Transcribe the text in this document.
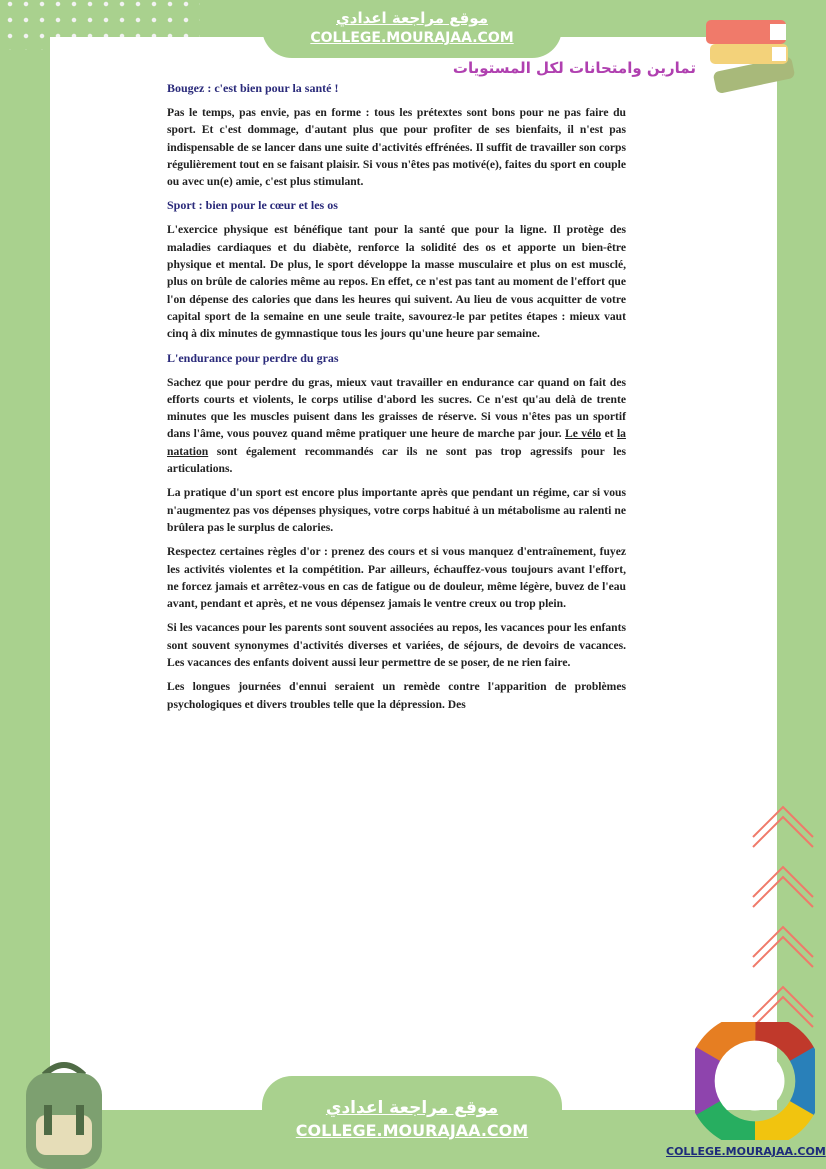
موقع مراجعة اعدادي
COLLEGE.MOURAJAA.COM
تمارين وامتحانات لكل المستويات
Bougez : c'est bien pour la santé !

Pas le temps, pas envie, pas en forme : tous les prétextes sont bons pour ne pas faire du sport. Et c'est dommage, d'autant plus que pour profiter de ses bienfaits, il n'est pas indispensable de se lancer dans une suite d'activités effrénées. Il suffit de travailler son corps régulièrement tout en se faisant plaisir. Si vous n'êtes pas motivé(e), faites du sport en couple ou avec un(e) amie, c'est plus stimulant.

Sport : bien pour le cœur et les os

L'exercice physique est bénéfique tant pour la santé que pour la ligne. Il protège des maladies cardiaques et du diabète, renforce la solidité des os et apporte un bien-être physique et mental. De plus, le sport développe la masse musculaire et plus on est musclé, plus on brûle de calories même au repos. En effet, ce n'est pas tant au moment de l'effort que l'on dépense des calories que dans les heures qui suivent. Au lieu de vous acquitter de votre capital sport de la semaine en une seule traite, savourez-le par petites étapes : mieux vaut cinq à dix minutes de gymnastique tous les jours qu'une heure par semaine.

L'endurance pour perdre du gras

Sachez que pour perdre du gras, mieux vaut travailler en endurance car quand on fait des efforts courts et violents, le corps utilise d'abord les sucres. Ce n'est qu'au delà de trente minutes que les muscles puisent dans les graisses de réserve. Si vous n'êtes pas un sportif dans l'âme, vous pouvez quand même pratiquer une heure de marche par jour. Le vélo et la natation sont également recommandés car ils ne sont pas trop agressifs pour les articulations.

La pratique d'un sport est encore plus importante après que pendant un régime, car si vous n'augmentez pas vos dépenses physiques, votre corps habitué à un métabolisme au ralenti ne brûlera pas le surplus de calories.

Respectez certaines règles d'or : prenez des cours et si vous manquez d'entraînement, fuyez les activités violentes et la compétition. Par ailleurs, échauffez-vous toujours avant l'effort, ne forcez jamais et arrêtez-vous en cas de fatigue ou de douleur, même légère, buvez de l'eau avant, pendant et après, et ne vous dépensez jamais le ventre creux ou trop plein.

Si les vacances pour les parents sont souvent associées au repos, les vacances pour les enfants sont souvent synonymes d'activités diverses et variées, de séjours, de devoirs de vacances. Les vacances des enfants doivent aussi leur permettre de se poser, de ne rien faire.

Les longues journées d'ennui seraient un remède contre l'apparition de problèmes psychologiques et divers troubles telle que la dépression. Des

موقع مراجعة اعدادي
COLLEGE.MOURAJAA.COM
COLLEGE.MOURAJAA.COM
